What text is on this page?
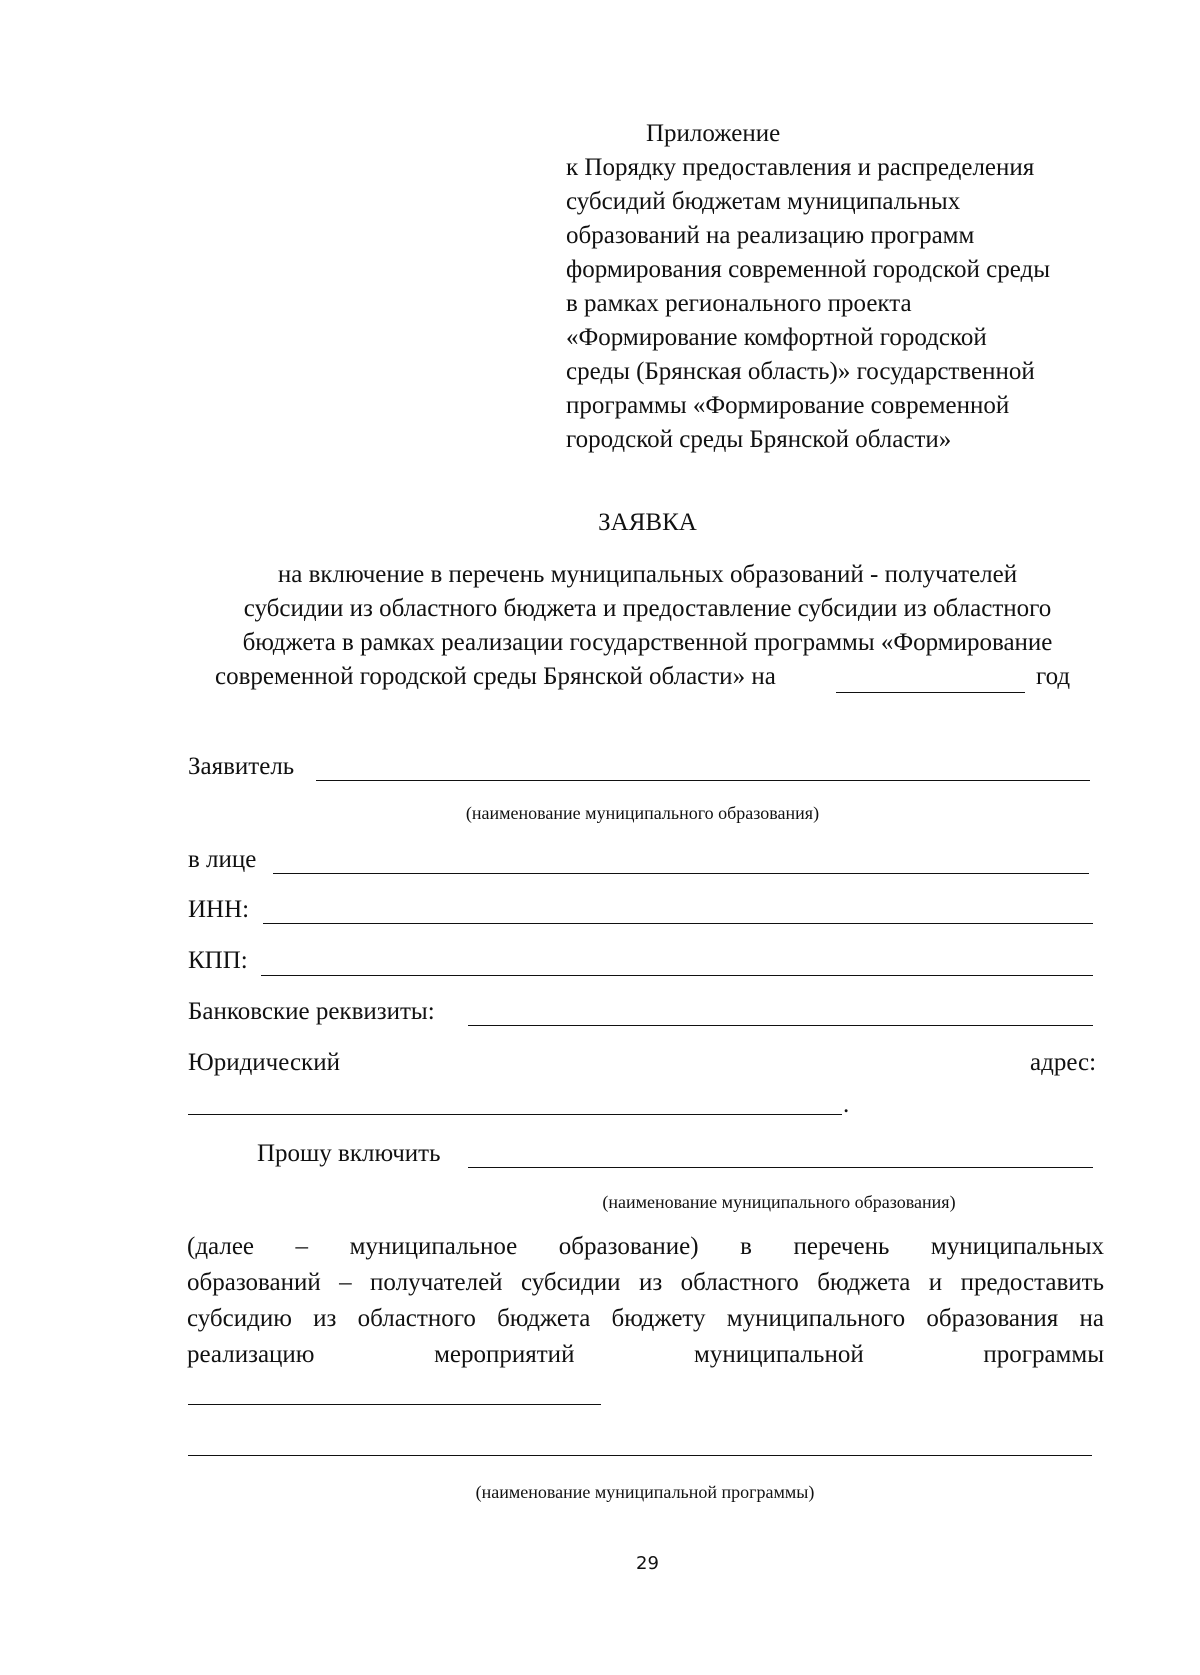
Приложение
к Порядку предоставления и распределения
субсидий бюджетам муниципальных
образований на реализацию программ
формирования современной городской среды
в рамках регионального проекта
«Формирование комфортной городской
среды (Брянская область)» государственной
программы «Формирование современной
городской среды Брянской области»
ЗАЯВКА
на включение в перечень муниципальных образований - получателей
субсидии из областного бюджета и предоставление субсидии из областного
бюджета в рамках реализации государственной программы «Формирование
современной городской среды Брянской области» на	год
Заявитель
(наименование муниципального образования)
в лице
ИНН:
КПП:
Банковские реквизиты:
Юридический	адрес:
.
Прошу включить
(наименование муниципального образования)
(далее – муниципальное образование) в перечень муниципальных
образований – получателей субсидии из областного бюджета и предоставить
субсидию из областного бюджета бюджету муниципального образования на
реализацию мероприятий муниципальной программы
(наименование муниципальной программы)
29
